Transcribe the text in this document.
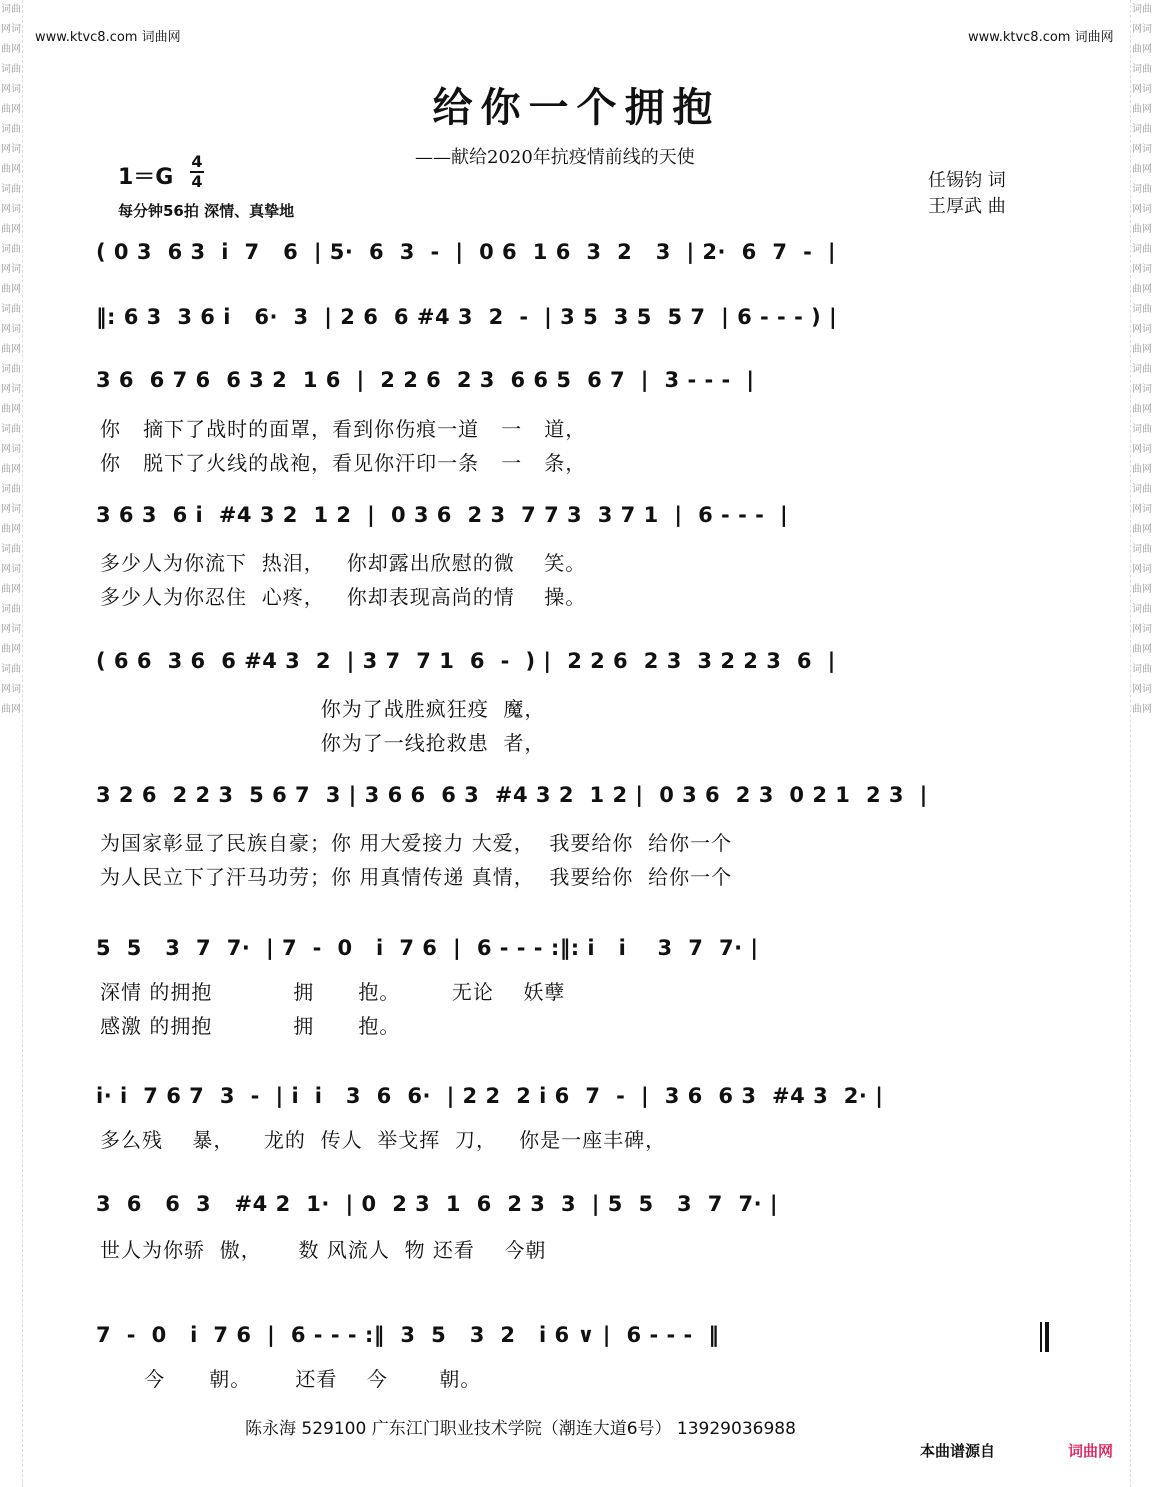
词曲网词曲网词曲网词曲网词曲网词曲网词曲网词曲网词曲网词曲网词曲网词曲网词曲网词曲网词曲网词曲网词曲网词曲网词曲网词曲网词曲网词曲网词曲网词曲网
词曲网词曲网词曲网词曲网词曲网词曲网词曲网词曲网词曲网词曲网词曲网词曲网词曲网词曲网词曲网词曲网词曲网词曲网词曲网词曲网词曲网词曲网词曲网词曲网
www.ktvc8.com 词曲网	www.ktvc8.com 词曲网
给你一个拥抱
——献给2020年抗疫情前线的天使
1＝G
4
4
每分钟56拍 深情、真挚地
任锡钧 词
王厚武 曲
( 0 3  6 3  i  7   6  | 5·  6  3  -  |  0 6  1 6  3  2   3  | 2·  6  7  -  |
‖: 6 3  3 6 i   6·  3  | 2 6  6 #4 3  2  -  | 3 5  3 5  5 7  | 6 - - - ) |
3 6  6 7 6  6 3 2  1 6  |  2 2 6  2 3  6 6 5  6 7  |  3 - - -  |
你   摘下了战时的面罩，看到你伤痕一道   一   道，
你   脱下了火线的战袍，看见你汗印一条   一   条，
3 6 3  6 i  #4 3 2  1 2  |  0 3 6  2 3  7 7 3  3 7 1  |  6 - - -  |
多少人为你流下  热泪，   你却露出欣慰的微    笑。
多少人为你忍住  心疼，   你却表现高尚的情    操。
( 6 6  3 6  6 #4 3  2  | 3 7  7 1  6  -  ) |  2 2 6  2 3  3 2 2 3  6  |
你为了战胜疯狂疫  魔，
你为了一线抢救患  者，
3 2 6  2 2 3  5 6 7  3 | 3 6 6  6 3  #4 3 2  1 2 |  0 3 6  2 3  0 2 1  2 3  |
为国家彰显了民族自豪；你 用大爱接力 大爱，  我要给你  给你一个
为人民立下了汗马功劳；你 用真情传递 真情，  我要给你  给你一个
5  5   3  7  7·  | 7  -  0   i  7 6  |  6 - - - :‖: i   i    3  7  7· |
深情 的拥抱           拥      抱。       无论    妖孽
感激 的拥抱           拥      抱。
i· i  7 6 7  3  -  | i  i   3  6  6·  | 2 2  2 i 6  7  -  |  3 6  6 3  #4 3  2· |
多么残    暴，    龙的  传人  举戈挥  刀，   你是一座丰碑，
3  6   6  3   #4 2  1·  | 0  2 3  1  6  2 3  3  | 5  5   3  7  7· |
世人为你骄  傲，     数 风流人  物 还看    今朝
7  -  0   i  7 6  |  6 - - - :‖  3  5   3  2   i 6 ∨ |  6 - - -  ‖
今      朝。      还看    今       朝。
陈永海 529100 广东江门职业技术学院（潮连大道6号） 13929036988
本曲谱源自	词曲网
